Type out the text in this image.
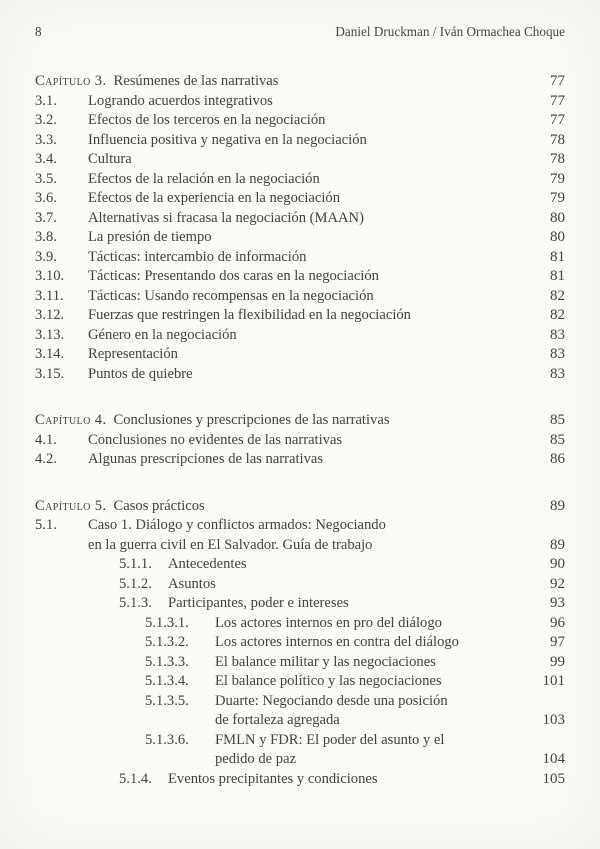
8	Daniel Druckman / Iván Ormachea Choque
Capítulo 3. Resúmenes de las narrativas	77
3.1.	Logrando acuerdos integrativos	77
3.2.	Efectos de los terceros en la negociación	77
3.3.	Influencia positiva y negativa en la negociación	78
3.4.	Cultura	78
3.5.	Efectos de la relación en la negociación	79
3.6.	Efectos de la experiencia en la negociación	79
3.7.	Alternativas si fracasa la negociación (MAAN)	80
3.8.	La presión de tiempo	80
3.9.	Tácticas: intercambio de información	81
3.10.	Tácticas: Presentando dos caras en la negociación	81
3.11.	Tácticas: Usando recompensas en la negociación	82
3.12.	Fuerzas que restringen la flexibilidad en la negociación	82
3.13.	Género en la negociación	83
3.14.	Representación	83
3.15.	Puntos de quiebre	83
Capítulo 4. Conclusiones y prescripciones de las narrativas	85
4.1.	Conclusiones no evidentes de las narrativas	85
4.2.	Algunas prescripciones de las narrativas	86
Capítulo 5. Casos prácticos	89
5.1.	Caso 1. Diálogo y conflictos armados: Negociando
en la guerra civil en El Salvador. Guía de trabajo	89
5.1.1.	Antecedentes	90
5.1.2.	Asuntos	92
5.1.3.	Participantes, poder e intereses	93
5.1.3.1.	Los actores internos en pro del diálogo	96
5.1.3.2.	Los actores internos en contra del diálogo	97
5.1.3.3.	El balance militar y las negociaciones	99
5.1.3.4.	El balance político y las negociaciones	101
5.1.3.5.	Duarte: Negociando desde una posición
de fortaleza agregada	103
5.1.3.6.	FMLN y FDR: El poder del asunto y el
pedido de paz	104
5.1.4.	Eventos precipitantes y condiciones	105
